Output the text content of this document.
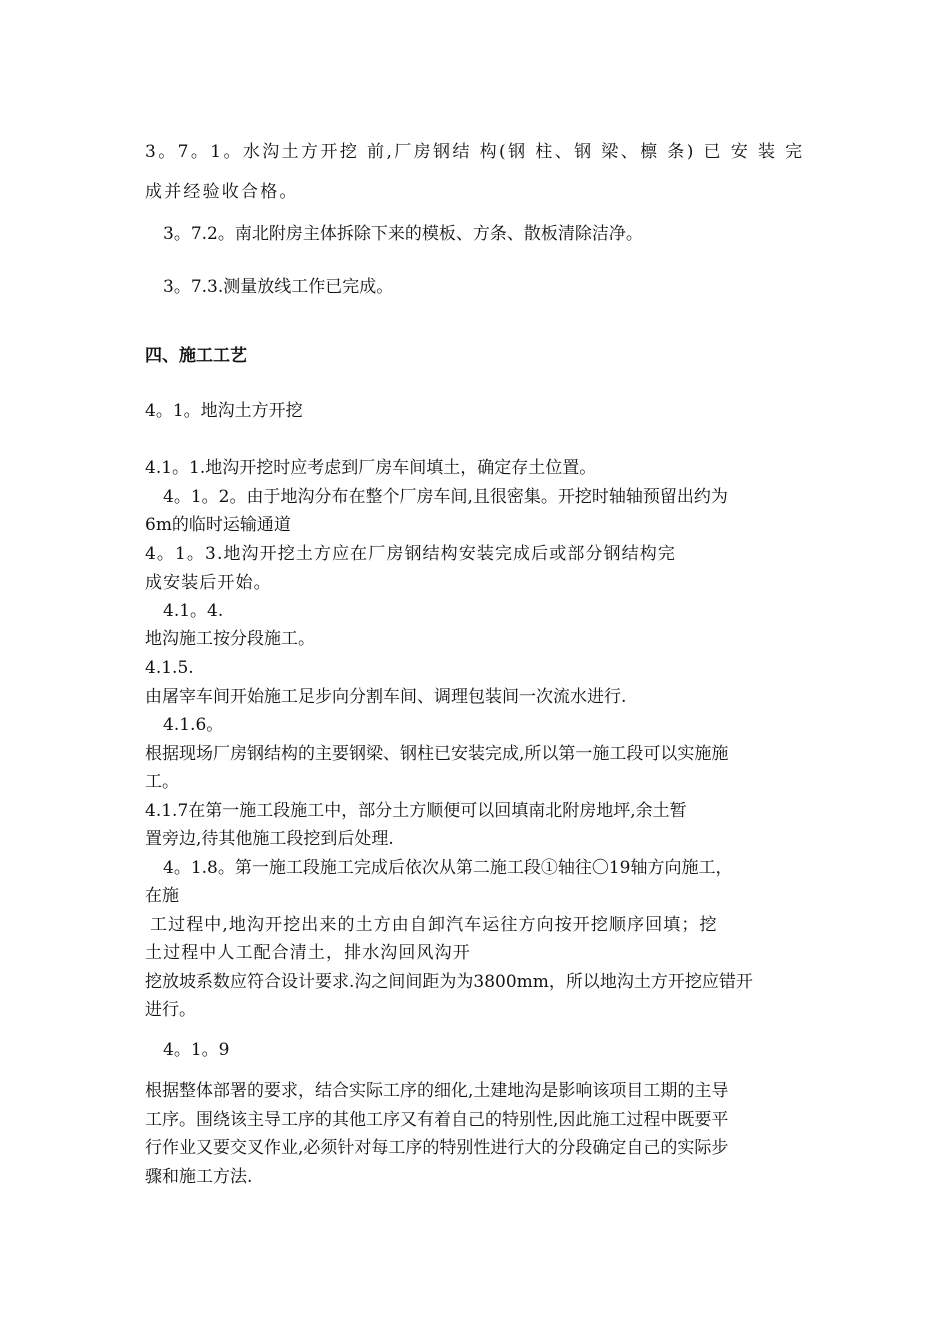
3。7。1。水沟土方开挖 前,厂房钢结 构(钢 柱、钢 梁、檩 条) 已 安 装 完
成并经验收合格。
3。7.2。南北附房主体拆除下来的模板、方条、散板清除洁净。
3。7.3.测量放线工作已完成。
四、施工工艺
4。1。地沟土方开挖
4.1。1.地沟开挖时应考虑到厂房车间填土，确定存土位置。
4。1。2。由于地沟分布在整个厂房车间,且很密集。开挖时轴轴预留出约为
6m的临时运输通道
4。1。3.地沟开挖土方应在厂房钢结构安装完成后或部分钢结构完
成安装后开始。
4.1。4.
地沟施工按分段施工。
4.1.5.
由屠宰车间开始施工足步向分割车间、调理包装间一次流水进行.
4.1.6。
根据现场厂房钢结构的主要钢梁、钢柱已安装完成,所以第一施工段可以实施施
工。
4.1.7在第一施工段施工中，部分土方顺便可以回填南北附房地坪,余土暂
置旁边,待其他施工段挖到后处理.
4。1.8。第一施工段施工完成后依次从第二施工段①轴往〇19轴方向施工，
在施
工过程中,地沟开挖出来的土方由自卸汽车运往方向按开挖顺序回填；挖
土过程中人工配合清土，排水沟回风沟开
挖放坡系数应符合设计要求.沟之间间距为为3800mm，所以地沟土方开挖应错开
进行。
4。1。9
根据整体部署的要求，结合实际工序的细化,土建地沟是影响该项目工期的主导
工序。围绕该主导工序的其他工序又有着自己的特别性,因此施工过程中既要平
行作业又要交叉作业,必须针对每工序的特别性进行大的分段确定自己的实际步
骤和施工方法.
